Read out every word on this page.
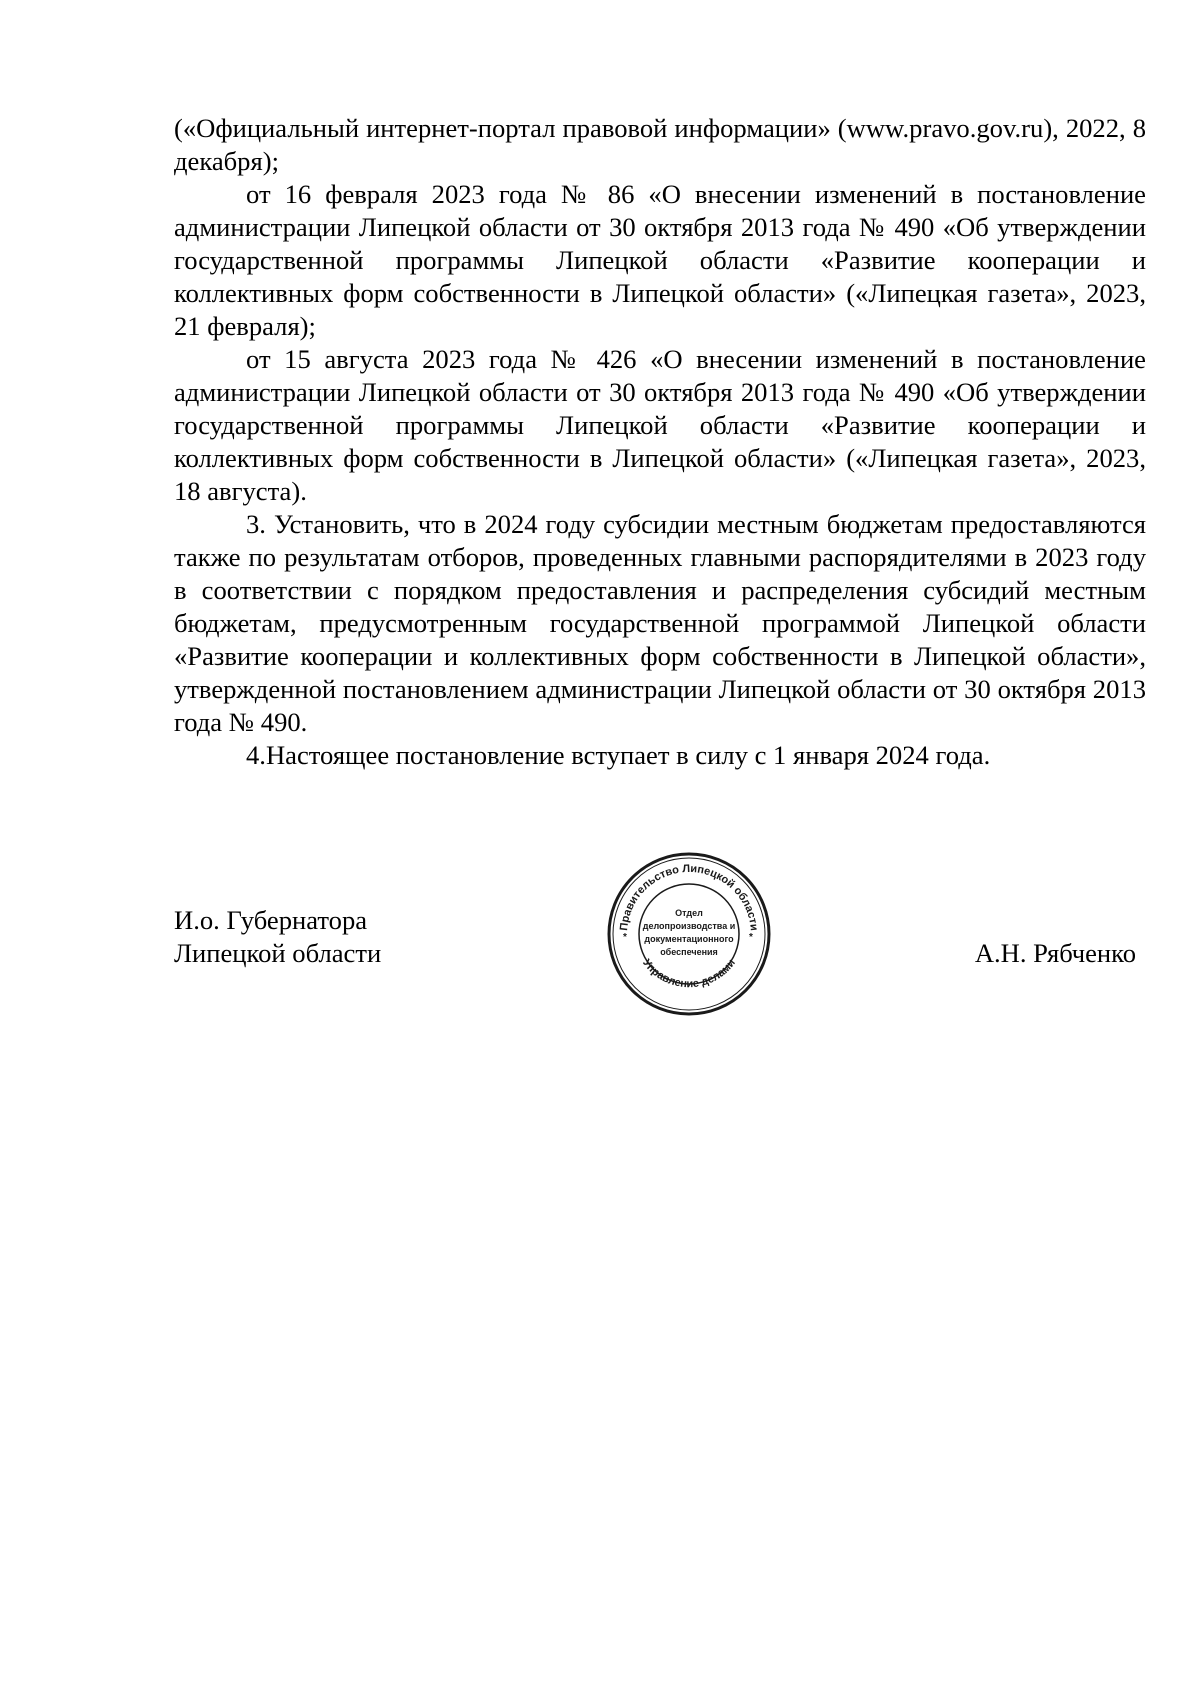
(«Официальный интернет-портал правовой информации» (www.pravo.gov.ru), 2022, 8 декабря);

от 16 февраля 2023 года № 86 «О внесении изменений в постановление администрации Липецкой области от 30 октября 2013 года № 490 «Об утверждении государственной программы Липецкой области «Развитие кооперации и коллективных форм собственности в Липецкой области» («Липецкая газета», 2023, 21 февраля);

от 15 августа 2023 года № 426 «О внесении изменений в постановление администрации Липецкой области от 30 октября 2013 года № 490 «Об утверждении государственной программы Липецкой области «Развитие кооперации и коллективных форм собственности в Липецкой области» («Липецкая газета», 2023, 18 августа).

3. Установить, что в 2024 году субсидии местным бюджетам предоставляются также по результатам отборов, проведенных главными распорядителями в 2023 году в соответствии с порядком предоставления и распределения субсидий местным бюджетам, предусмотренным государственной программой Липецкой области «Развитие кооперации и коллективных форм собственности в Липецкой области», утвержденной постановлением администрации Липецкой области от 30 октября 2013 года № 490.

4.Настоящее постановление вступает в силу с 1 января 2024 года.

И.о. Губернатора
Липецкой области
Правительство Липецкой области
Управление делами
*	*
Отдел
делопроизводства и
документационного
обеспечения	А.Н. Рябченко
